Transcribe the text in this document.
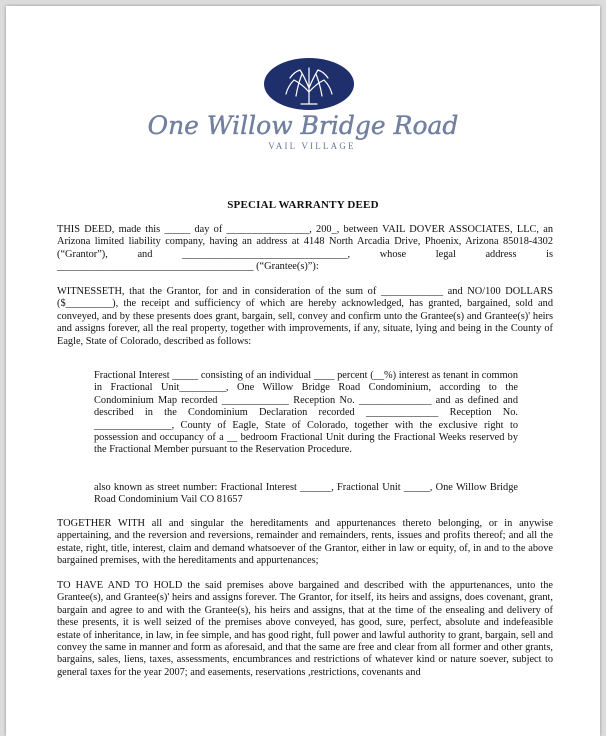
One Willow Bridge Road
VAIL VILLAGE
SPECIAL WARRANTY DEED
THIS DEED, made this _____ day of ________________, 200_, between VAIL DOVER ASSOCIATES, LLC, an Arizona limited liability company, having an address at 4148 North Arcadia Drive, Phoenix, Arizona 85018-4302 (“Grantor”), and ________________________________, whose legal address is ______________________________________ (“Grantee(s)”):
WITNESSETH, that the Grantor, for and in consideration of the sum of ____________ and NO/100 DOLLARS ($_________), the receipt and sufficiency of which are hereby acknowledged, has granted, bargained, sold and conveyed, and by these presents does grant, bargain, sell, convey and confirm unto the Grantee(s) and Grantee(s)' heirs and assigns forever, all the real property, together with improvements, if any, situate, lying and being in the County of Eagle, State of Colorado, described as follows:
Fractional Interest _____ consisting of an individual ____ percent (__%) interest as tenant in common in Fractional Unit_________, One Willow Bridge Road Condominium, according to the Condominium Map recorded _____________ Reception No. ______________ and as defined and described in the Condominium Declaration recorded ______________ Reception No. _______________, County of Eagle, State of Colorado, together with the exclusive right to possession and occupancy of a __ bedroom Fractional Unit during the Fractional Weeks reserved by the Fractional Member pursuant to the Reservation Procedure.
also known as street number: Fractional Interest ______, Fractional Unit _____, One Willow Bridge Road Condominium Vail CO 81657
TOGETHER WITH all and singular the hereditaments and appurtenances thereto belonging, or in anywise appertaining, and the reversion and reversions, remainder and remainders, rents, issues and profits thereof; and all the estate, right, title, interest, claim and demand whatsoever of the Grantor, either in law or equity, of, in and to the above bargained premises, with the hereditaments and appurtenances;
TO HAVE AND TO HOLD the said premises above bargained and described with the appurtenances, unto the Grantee(s), and Grantee(s)' heirs and assigns forever. The Grantor, for itself, its heirs and assigns, does covenant, grant, bargain and agree to and with the Grantee(s), his heirs and assigns, that at the time of the ensealing and delivery of these presents, it is well seized of the premises above conveyed, has good, sure, perfect, absolute and indefeasible estate of inheritance, in law, in fee simple, and has good right, full power and lawful authority to grant, bargain, sell and convey the same in manner and form as aforesaid, and that the same are free and clear from all former and other grants, bargains, sales, liens, taxes, assessments, encumbrances and restrictions of whatever kind or nature soever, subject to general taxes for the year 2007; and easements, reservations ,restrictions, covenants and
